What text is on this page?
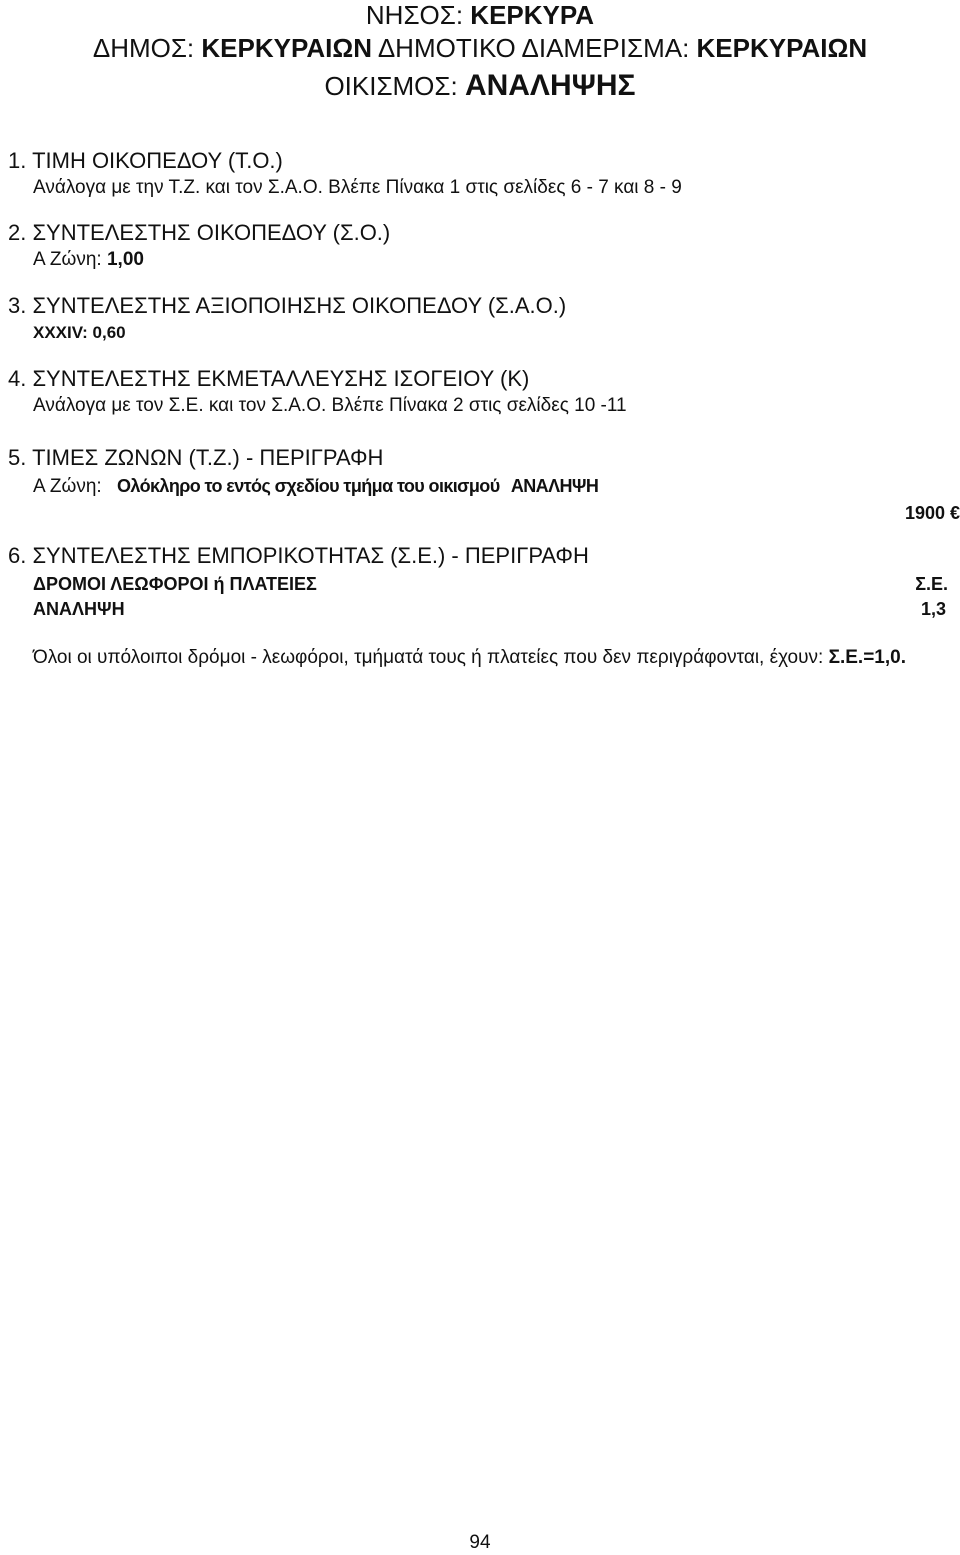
ΝΗΣΟΣ: ΚΕΡΚΥΡΑ
ΔΗΜΟΣ: ΚΕΡΚΥΡΑΙΩΝ ΔΗΜΟΤΙΚΟ ΔΙΑΜΕΡΙΣΜΑ: ΚΕΡΚΥΡΑΙΩΝ
ΟΙΚΙΣΜΟΣ: ΑΝΑΛΗΨΗΣ
1. ΤΙΜΗ ΟΙΚΟΠΕΔΟΥ (Τ.Ο.)
Ανάλογα με την Τ.Ζ. και τον Σ.Α.Ο. Βλέπε Πίνακα 1 στις σελίδες 6 - 7 και 8 - 9
2. ΣΥΝΤΕΛΕΣΤΗΣ ΟΙΚΟΠΕΔΟΥ (Σ.Ο.)
Α Ζώνη: 1,00
3. ΣΥΝΤΕΛΕΣΤΗΣ ΑΞΙΟΠΟΙΗΣΗΣ ΟΙΚΟΠΕΔΟΥ (Σ.Α.Ο.)
XXXIV: 0,60
4. ΣΥΝΤΕΛΕΣΤΗΣ ΕΚΜΕΤΑΛΛΕΥΣΗΣ ΙΣΟΓΕΙΟΥ (Κ)
Ανάλογα με τον Σ.Ε. και τον Σ.Α.Ο. Βλέπε Πίνακα 2 στις σελίδες 10 -11
5. ΤΙΜΕΣ ΖΩΝΩΝ (Τ.Ζ.) - ΠΕΡΙΓΡΑΦΗ
Α Ζώνη: Ολόκληρο το εντός σχεδίου τμήμα του οικισμού ΑΝΑΛΗΨΗ
1900 €
6. ΣΥΝΤΕΛΕΣΤΗΣ ΕΜΠΟΡΙΚΟΤΗΤΑΣ (Σ.Ε.) - ΠΕΡΙΓΡΑΦΗ
ΔΡΟΜΟΙ ΛΕΩΦΟΡΟΙ ή ΠΛΑΤΕΙΕΣ	Σ.Ε.
ΑΝΑΛΗΨΗ	1,3
Όλοι οι υπόλοιποι δρόμοι - λεωφόροι, τμήματά τους ή πλατείες που δεν περιγράφονται, έχουν: Σ.Ε.=1,0.
94
